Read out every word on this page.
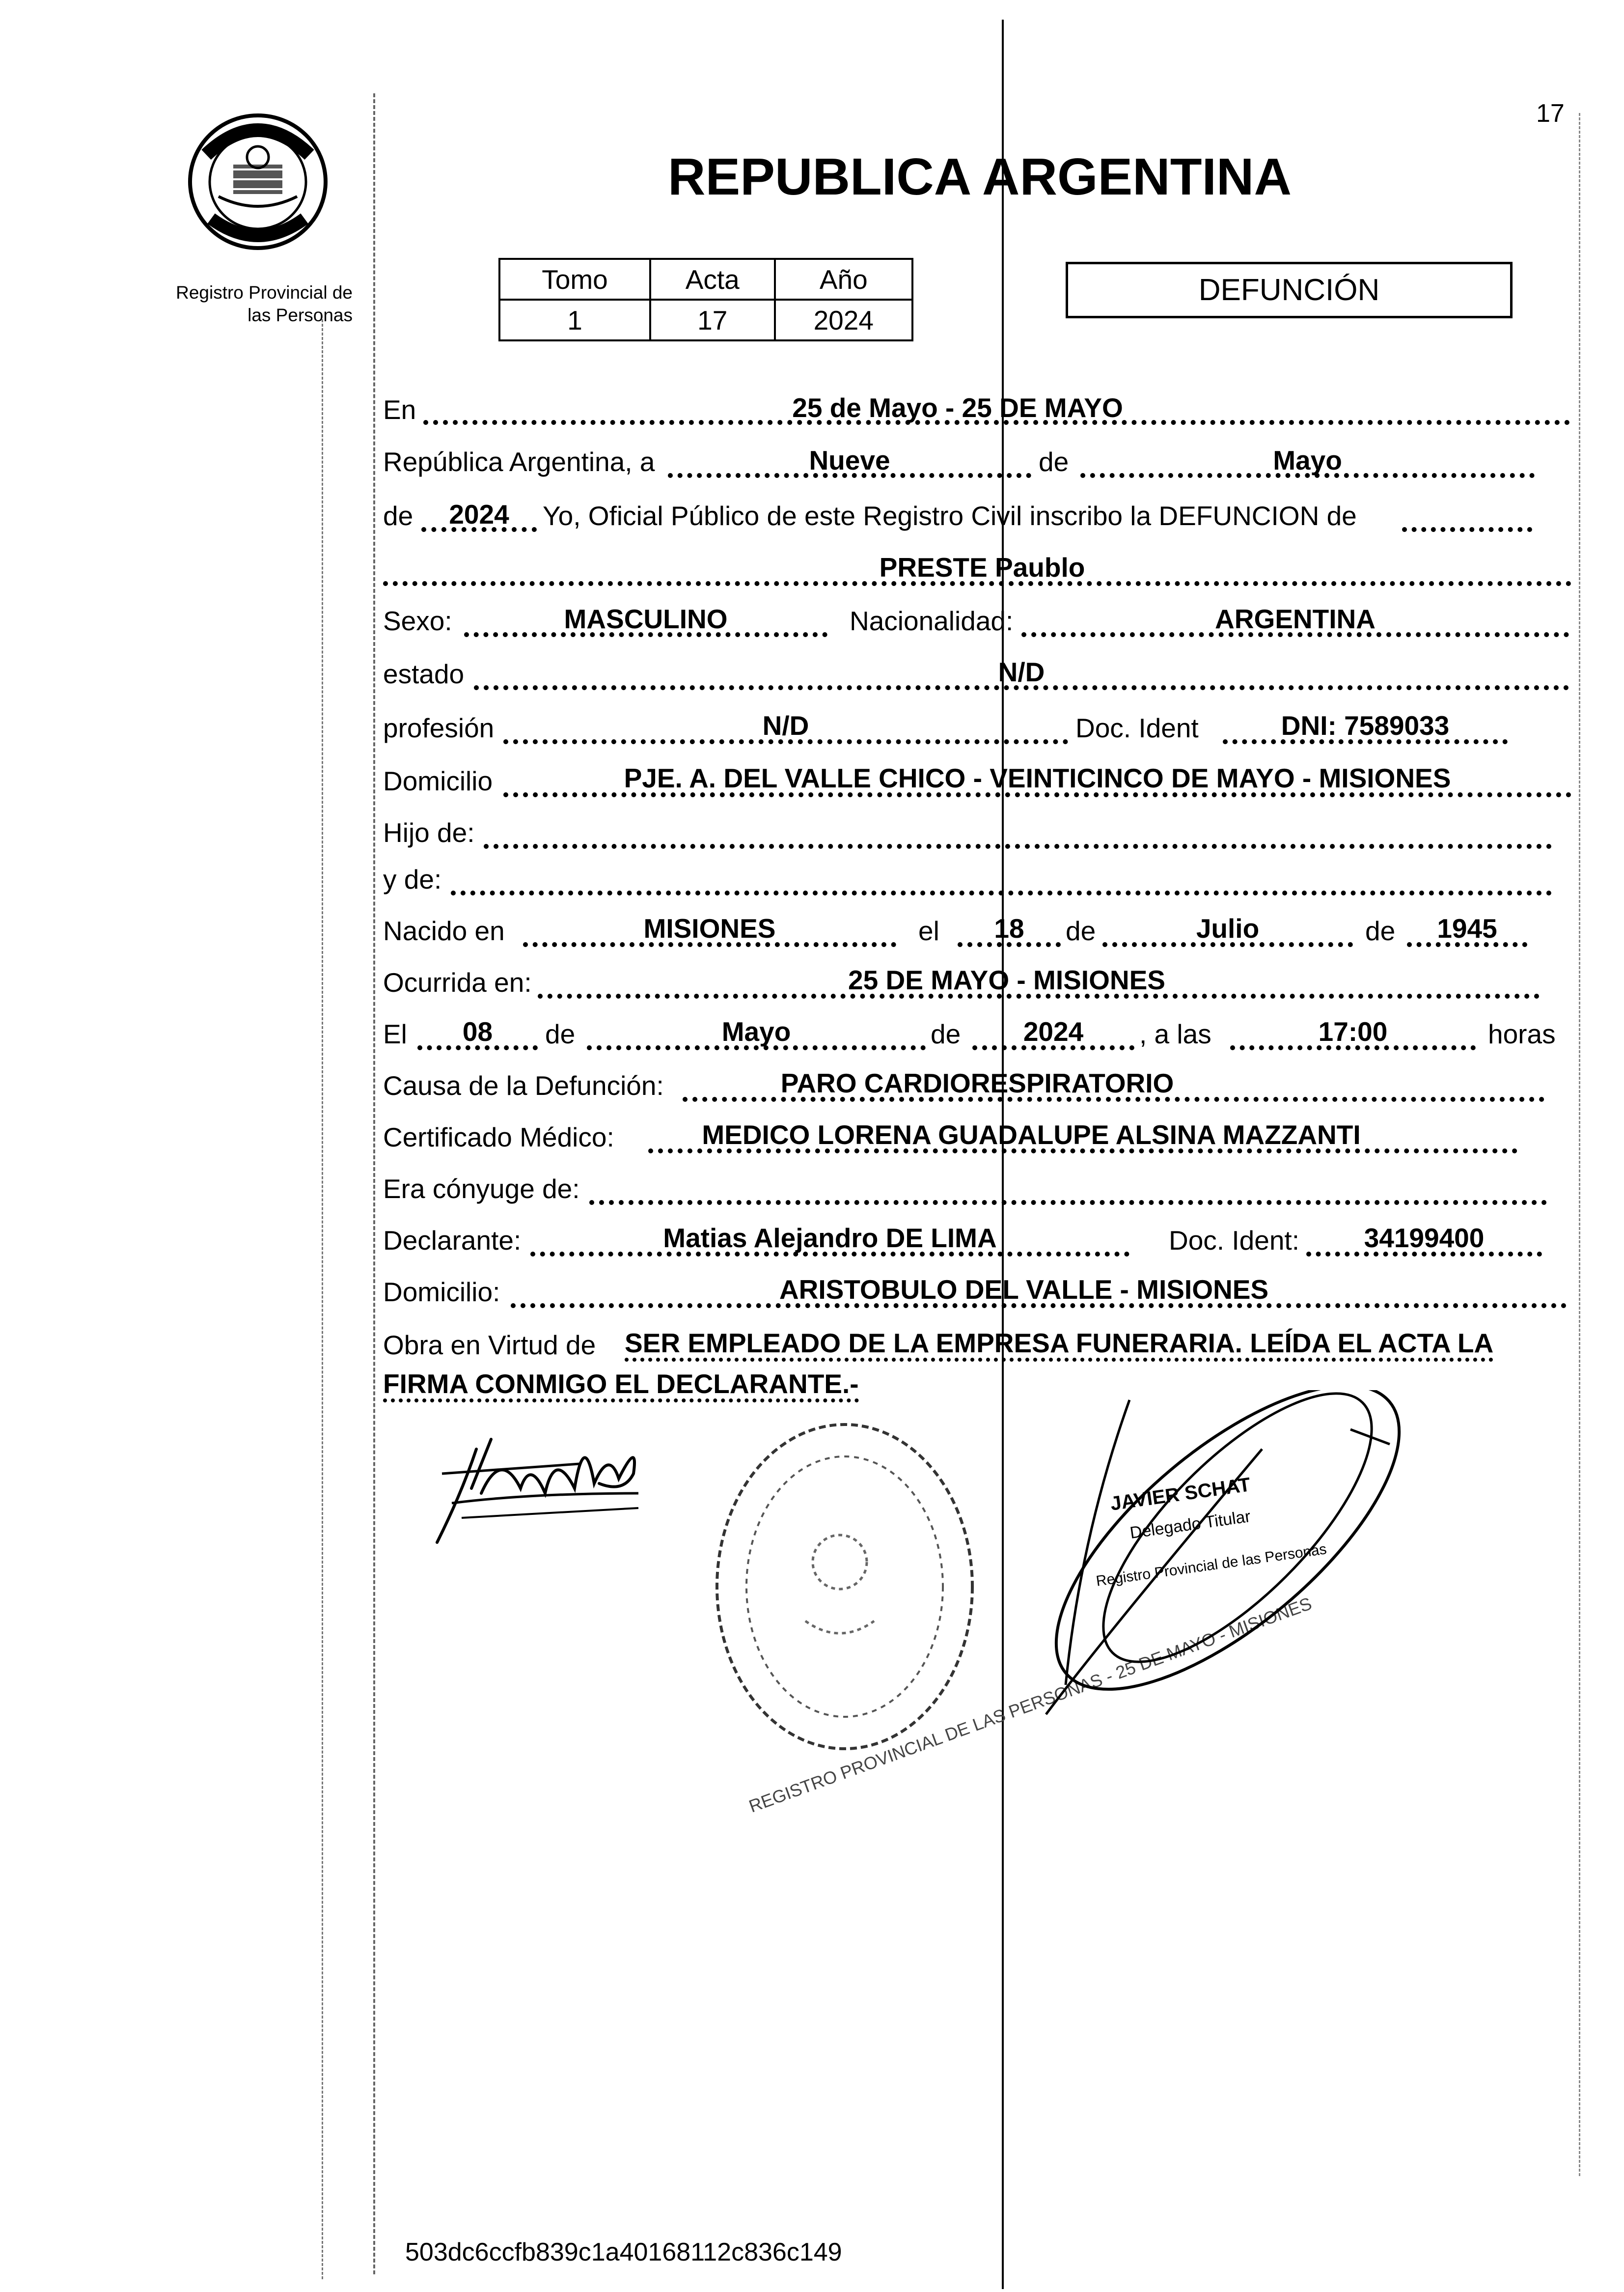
17
Registro Provincial de
las Personas
REPUBLICA ARGENTINA
Tomo	Acta	Año
1	17	2024
DEFUNCIÓN
En	25 de Mayo - 25 DE MAYO
República Argentina, a	Nueve	de	Mayo
de	2024	Yo, Oficial Público de este Registro Civil inscribo la DEFUNCION de
PRESTE Paublo
Sexo:	MASCULINO	Nacionalidad:	ARGENTINA
estado	N/D
profesión	N/D	Doc. Ident	DNI: 7589033
Domicilio	PJE. A. DEL VALLE CHICO - VEINTICINCO DE MAYO - MISIONES
Hijo de:
y de:
Nacido en	MISIONES	el	18	de	Julio	de	1945
Ocurrida en:	25 DE MAYO - MISIONES
El	08	de	Mayo	de	2024	, a las	17:00	horas
Causa de la Defunción:	PARO CARDIORESPIRATORIO
Certificado Médico:	MEDICO LORENA GUADALUPE ALSINA MAZZANTI
Era cónyuge de:
Declarante:	Matias Alejandro DE LIMA	Doc. Ident:	34199400
Domicilio:	ARISTOBULO DEL VALLE - MISIONES
Obra en Virtud de SER EMPLEADO DE LA EMPRESA FUNERARIA. LEÍDA EL ACTA LA
FIRMA CONMIGO EL DECLARANTE.-
REGISTRO PROVINCIAL DE LAS PERSONAS - 25 DE MAYO - MISIONES
JAVIER SCHAT
Delegado Titular
Registro Provincial de las Personas
503dc6ccfb839c1a40168112c836c149
